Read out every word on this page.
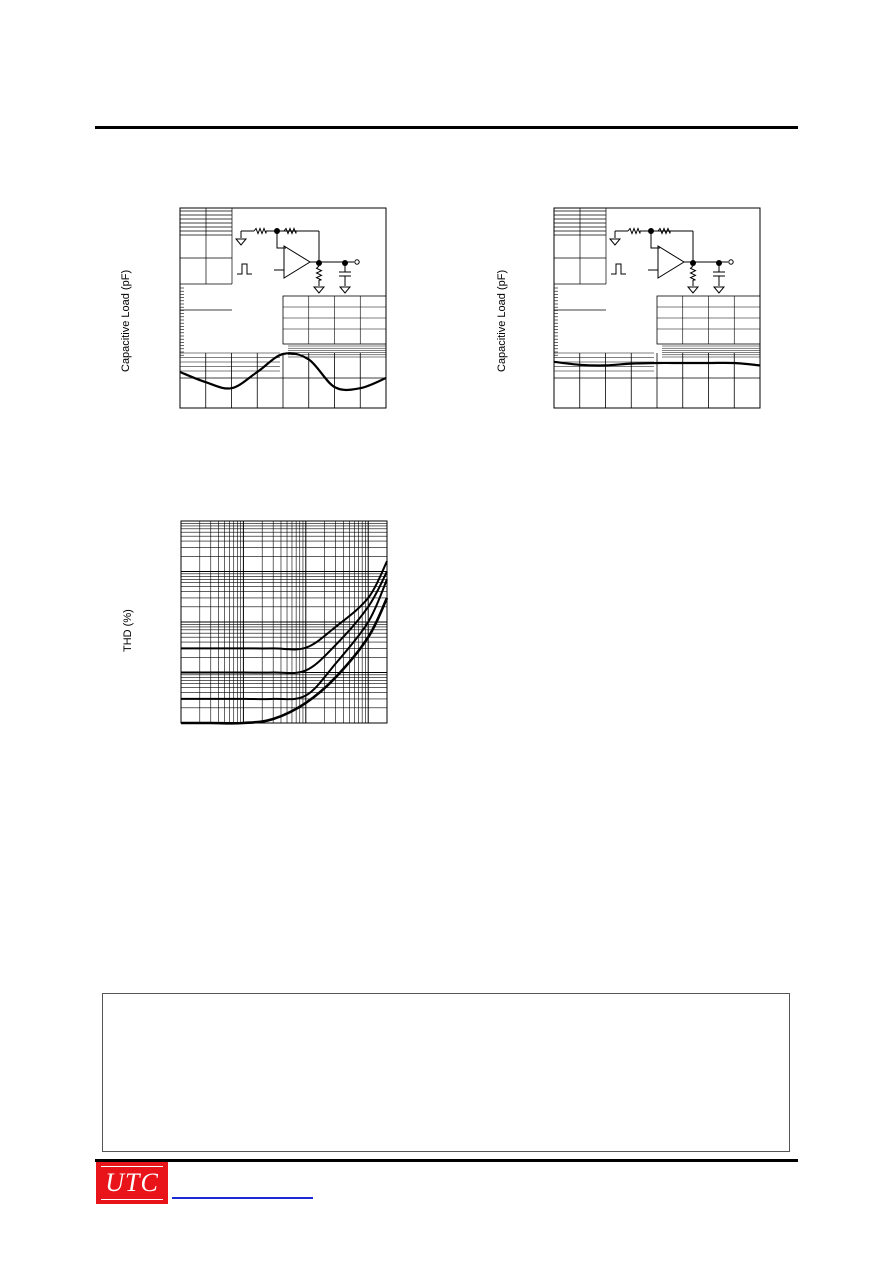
Capacitive Load (pF)	Capacitive Load (pF)
THD (%)
UTC
